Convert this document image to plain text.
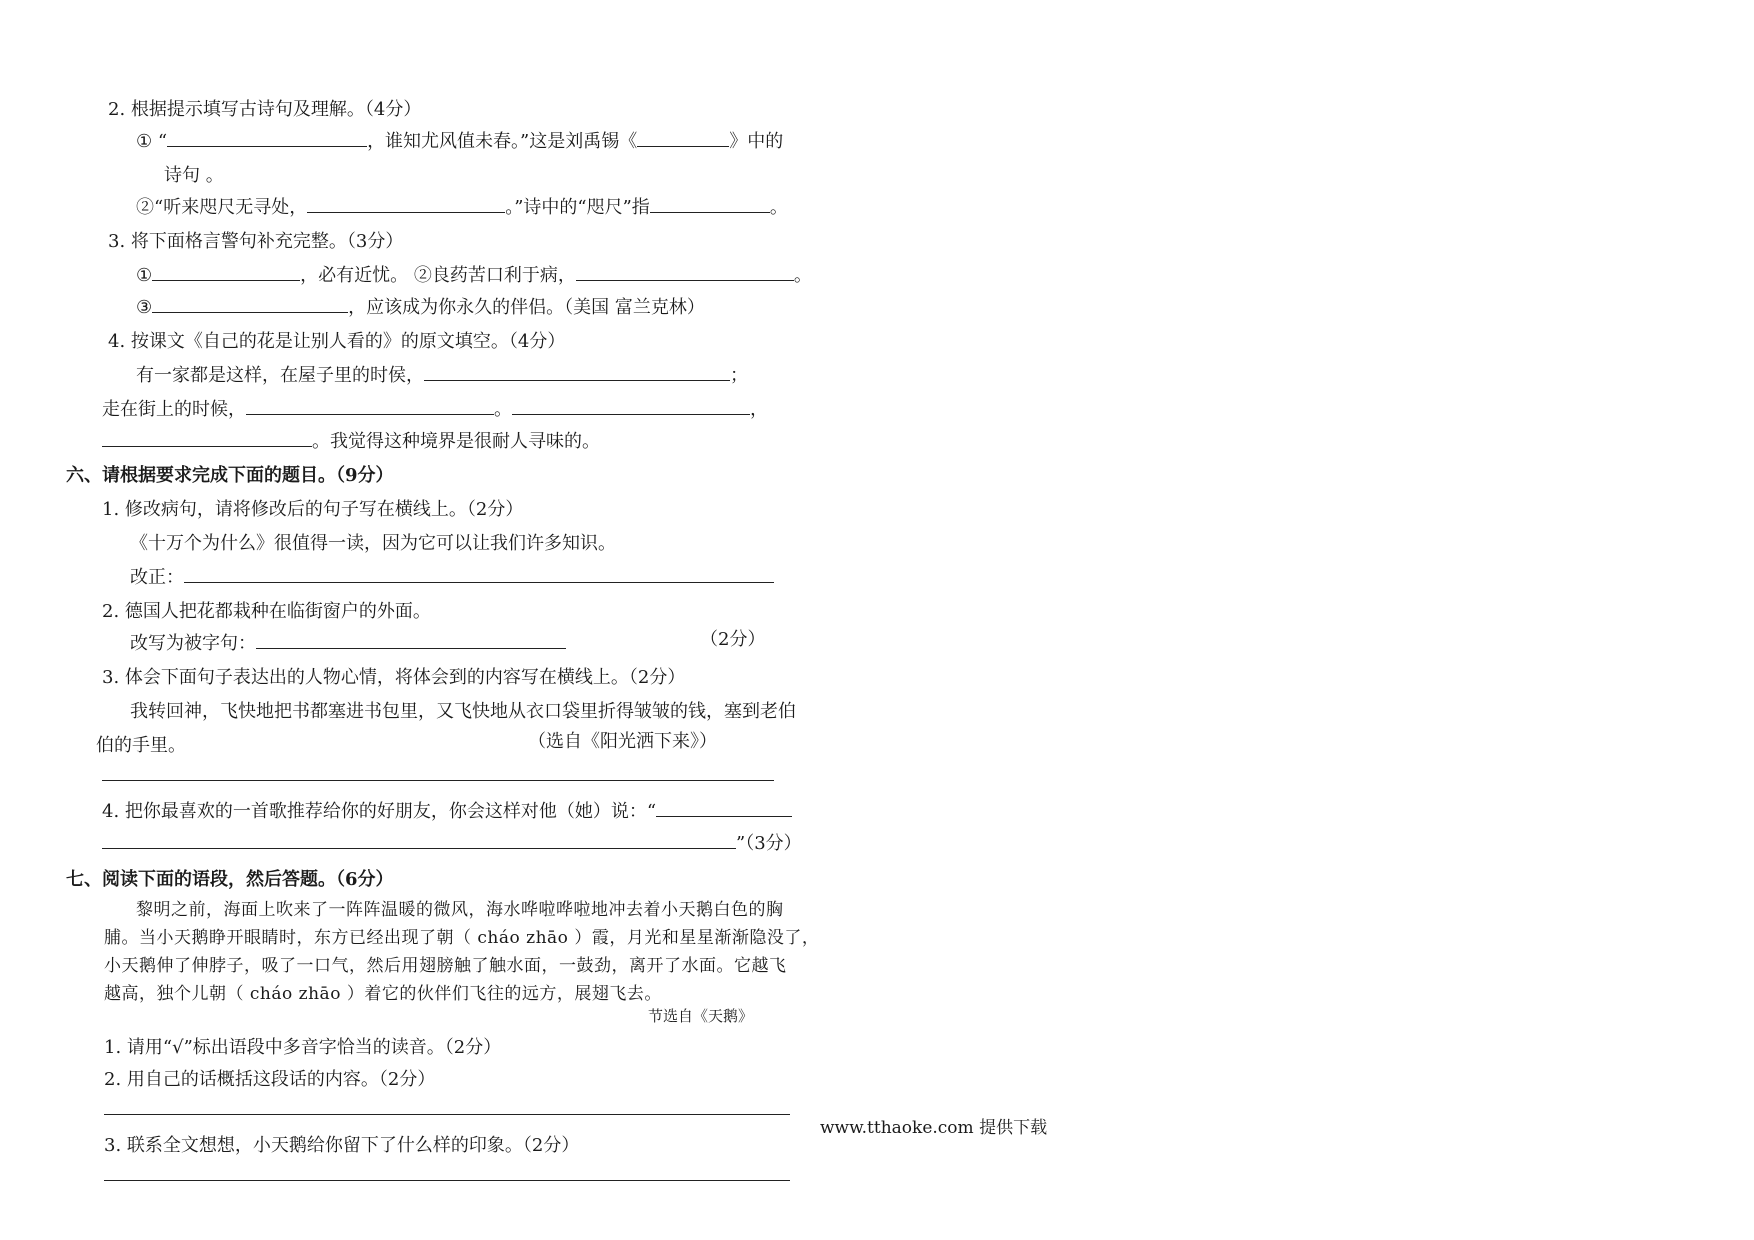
2. 根据提示填写古诗句及理解。（4分）
① “	，谁知尤风值未春。”这是刘禹锡《	》中的
诗句 。
②“听来咫尺无寻处，	。”诗中的“咫尺”指	。
3. 将下面格言警句补充完整。（3分）
①	，必有近忧。 ②良药苦口利于病，	。
③	，应该成为你永久的伴侣。（美国 富兰克林）
4. 按课文《自己的花是让别人看的》的原文填空。（4分）
有一家都是这样，在屋子里的时侯，	；
走在街上的时候，	。	，
。我觉得这种境界是很耐人寻味的。
六、请根据要求完成下面的题目。（9分）
1. 修改病句，请将修改后的句子写在横线上。（2分）
《十万个为什么》很值得一读，因为它可以让我们许多知识。
改正：
2. 德国人把花都栽种在临街窗户的外面。
改写为被字句：	（2分）
3. 体会下面句子表达出的人物心情，将体会到的内容写在横线上。（2分）
我转回神，飞快地把书都塞进书包里，又飞快地从衣口袋里折得皱皱的钱，塞到老伯
伯的手里。	（选自《阳光洒下来》）
4. 把你最喜欢的一首歌推荐给你的好朋友，你会这样对他（她）说：“
”（3分）
七、阅读下面的语段，然后答题。（6分）
黎明之前，海面上吹来了一阵阵温暖的微风，海水哗啦哗啦地冲去着小天鹅白色的胸
脯。当小天鹅睁开眼睛时，东方已经出现了朝（ cháo zhāo ）霞，月光和星星渐渐隐没了，
小天鹅伸了伸脖子，吸了一口气，然后用翅膀触了触水面，一鼓劲，离开了水面。它越飞
越高，独个儿朝（ cháo zhāo ）着它的伙伴们飞往的远方，展翅飞去。
节选自《天鹅》
1. 请用“√”标出语段中多音字恰当的读音。（2分）
2. 用自己的话概括这段话的内容。（2分）
3. 联系全文想想，小天鹅给你留下了什么样的印象。（2分）
www.tthaoke.com 提供下载
